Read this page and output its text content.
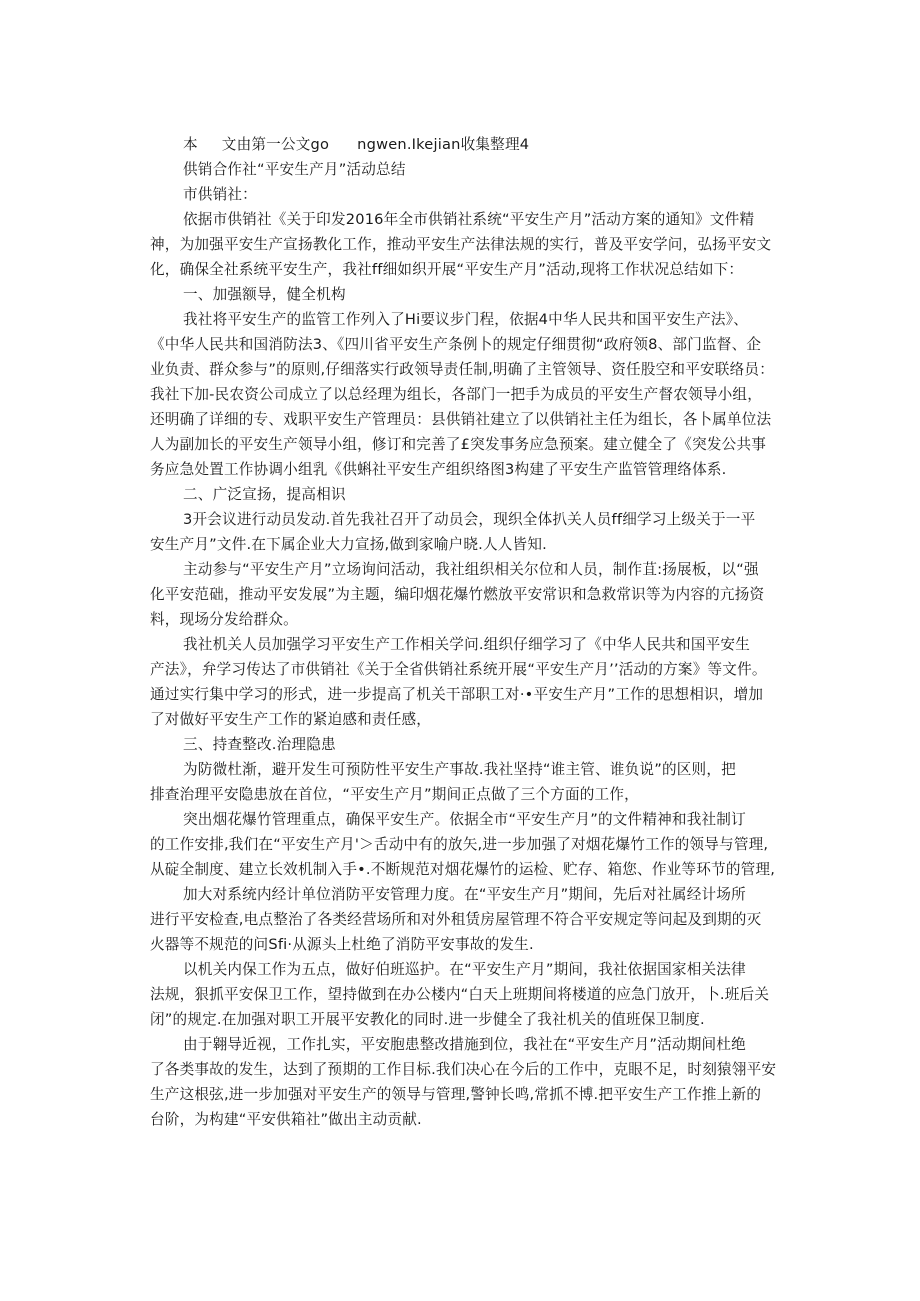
本 文由第一公文go ngwen.Ikejian收集整理4

供销合作社“平安生产月”活动总结

市供销社：

依据市供销社《关于印发2016年全市供销社系统“平安生产月”活动方案的通知》文件精

神，为加强平安生产宣扬教化工作，推动平安生产法律法规的实行，普及平安学问，弘扬平安文

化，确保全社系统平安生产，我社ff细如织开展“平安生产月”活动,现将工作状况总结如下：

一、加强额导，健全机构

我社将平安生产的监管工作列入了Hi要议步门程，依据4中华人民共和国平安生产法》、

《中华人民共和国消防法3、《四川省平安生产条例卜的规定仔细贯彻“政府领8、部门监督、企

业负责、群众参与”的原则,仔细落实行政领导责任制,明确了主管领导、资任股空和平安联络员：

我社下加-民农资公司成立了以总经理为组长，各部门一把手为成员的平安生产督农领导小组，

还明确了详细的专、戏职平安生产管理员：县供销社建立了以供销社主任为组长，各卜属单位法

人为副加长的平安生产领导小组，修订和完善了£突发事务应急预案。建立健全了《突发公共事

务应急处置工作协调小组乳《供蝌社平安生产组织络图3构建了平安生产监管管理络体系.

二、广泛宣扬，提高相识

3开会议进行动员发动.首先我社召开了动员会，现织全体扒关人员ff细学习上级关于一平

安生产月”文件.在下属企业大力宣扬,做到家喻户晓.人人皆知.

主动参与“平安生产月”立场询问活动，我社组织相关尔位和人员，制作苴:扬展板，以“强

化平安范础，推动平安发展”为主题，编印烟花爆竹燃放平安常识和急救常识等为内容的亢扬资

料，现场分发给群众。

我社机关人员加强学习平安生产工作相关学问.组织仔细学习了《中华人民共和国平安生

产法》，弁学习传达了市供销社《关于全省供销社系统开展“平安生产月’’活动的方案》等文件。

通过实行集中学习的形式，进一步提高了机关干部职工对·•平安生产月”工作的思想相识，增加

了对做好平安生产工作的紧迫感和责任感，

三、持查整改.治理隐患

为防微杜渐，避开发生可预防性平安生产事故.我社坚持“谁主管、谁负说”的区则，把

排查治理平安隐患放在首位，“平安生产月”期间正点做了三个方面的工作，

突出烟花爆竹管理重点，确保平安生产。依据全市“平安生产月”的文件精神和我社制订

的工作安排,我们在“平安生产月'＞舌动中有的放矢,进一步加强了对烟花爆竹工作的领导与管理,

从碇全制度、建立长效机制入手•.不断规范对烟花爆竹的运检、贮存、箱您、作业等环节的管理,

加大对系统内经计单位消防平安管理力度。在“平安生产月”期间，先后对社属经计场所

进行平安检查,电点整治了各类经营场所和对外租赁房屋管理不符合平安规定等问起及到期的灭

火器等不规范的问Sfi·从源头上杜绝了消防平安事故的发生.

以机关内保工作为五点，做好伯班巡护。在“平安生产月”期间，我社依据国家相关法律

法规，狠抓平安保卫工作，望持做到在办公楼内“白天上班期间将楼道的应急门放开，卜.班后关

闭”的规定.在加强对职工开展平安教化的同时.进一步健全了我社机关的值班保卫制度.

由于翱导近视，工作扎实，平安胞患整改措施到位，我社在“平安生产月”活动期间杜绝

了各类事故的发生，达到了预期的工作目标.我们决心在今后的工作中，克眼不足，时刻猿翎平安

生产这根弦,进一步加强对平安生产的领导与管理,警钟长鸣,常抓不博.把平安生产工作推上新的

台阶，为构建“平安供箱社”做出主动贡献.
